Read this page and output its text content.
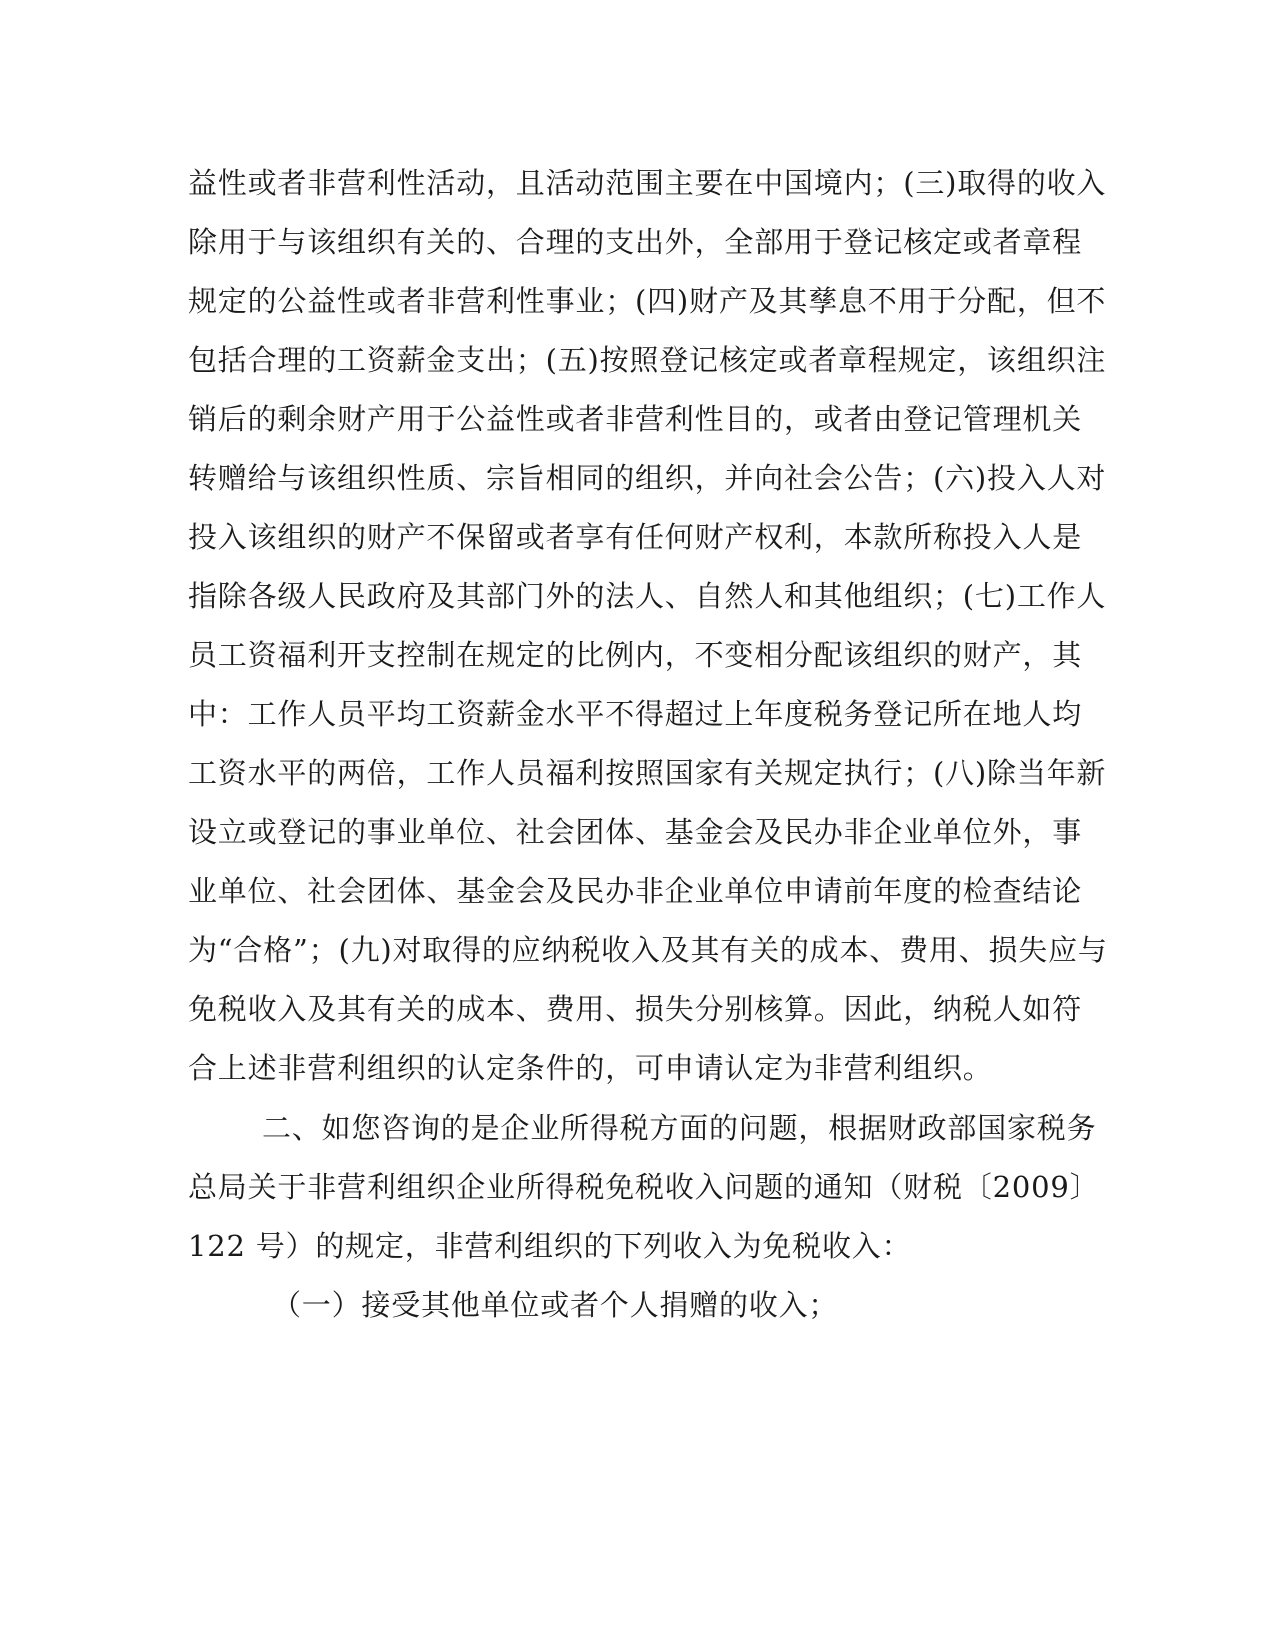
益性或者非营利性活动，且活动范围主要在中国境内；(三)取得的收入
除用于与该组织有关的、合理的支出外，全部用于登记核定或者章程
规定的公益性或者非营利性事业；(四)财产及其孳息不用于分配，但不
包括合理的工资薪金支出；(五)按照登记核定或者章程规定，该组织注
销后的剩余财产用于公益性或者非营利性目的，或者由登记管理机关
转赠给与该组织性质、宗旨相同的组织，并向社会公告；(六)投入人对
投入该组织的财产不保留或者享有任何财产权利，本款所称投入人是
指除各级人民政府及其部门外的法人、自然人和其他组织；(七)工作人
员工资福利开支控制在规定的比例内，不变相分配该组织的财产，其
中：工作人员平均工资薪金水平不得超过上年度税务登记所在地人均
工资水平的两倍，工作人员福利按照国家有关规定执行；(八)除当年新
设立或登记的事业单位、社会团体、基金会及民办非企业单位外，事
业单位、社会团体、基金会及民办非企业单位申请前年度的检查结论
为“合格”；(九)对取得的应纳税收入及其有关的成本、费用、损失应与
免税收入及其有关的成本、费用、损失分别核算。因此，纳税人如符
合上述非营利组织的认定条件的，可申请认定为非营利组织。
二、如您咨询的是企业所得税方面的问题，根据财政部国家税务
总局关于非营利组织企业所得税免税收入问题的通知（财税〔2009〕
122 号）的规定，非营利组织的下列收入为免税收入：
（一）接受其他单位或者个人捐赠的收入；
